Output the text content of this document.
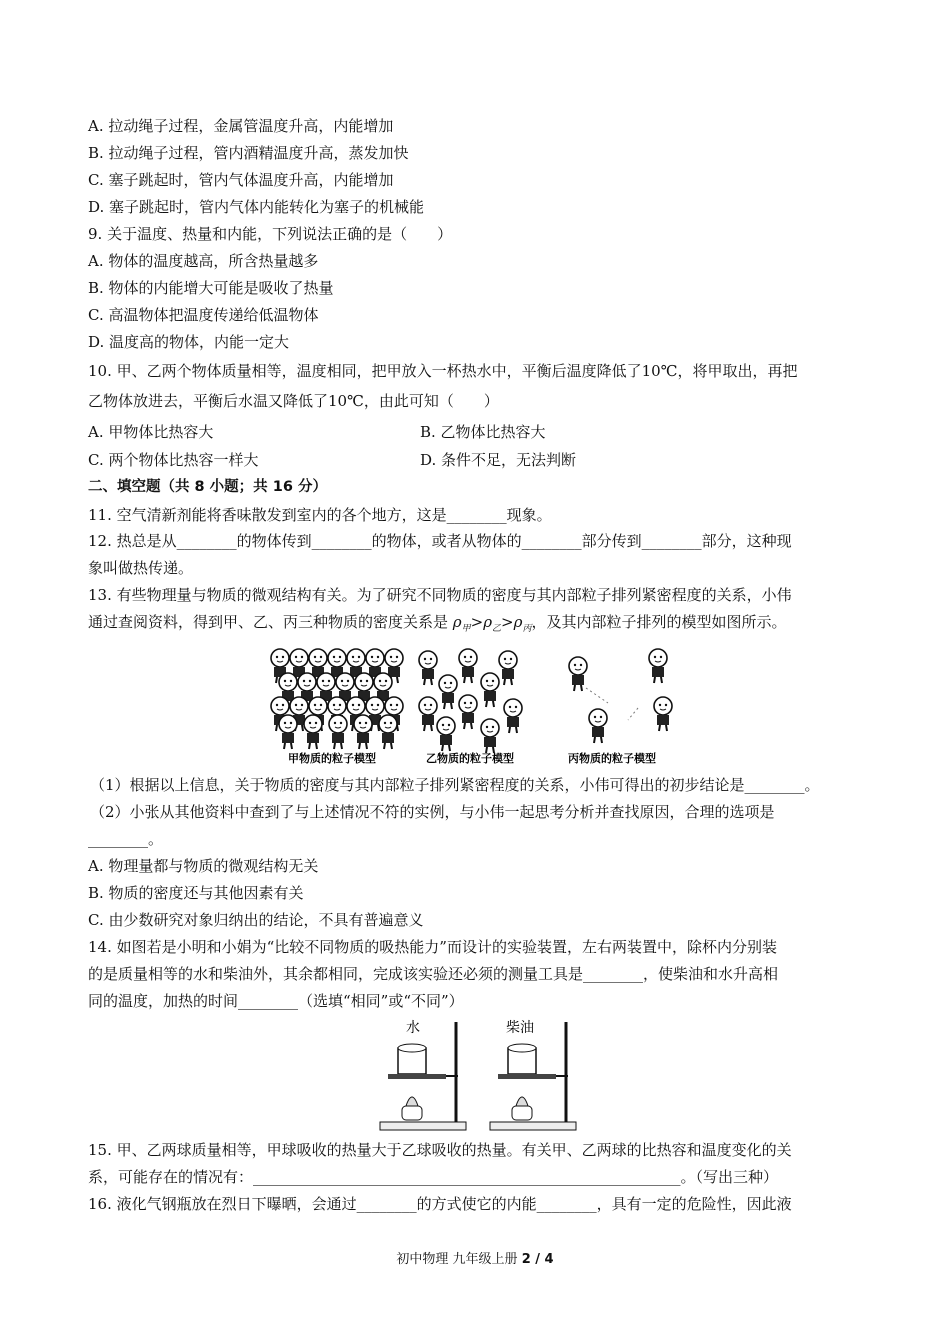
A. 拉动绳子过程，金属管温度升高，内能增加
B. 拉动绳子过程，管内酒精温度升高，蒸发加快
C. 塞子跳起时，管内气体温度升高，内能增加
D. 塞子跳起时，管内气体内能转化为塞子的机械能
9. 关于温度、热量和内能，下列说法正确的是（　　）
A. 物体的温度越高，所含热量越多
B. 物体的内能增大可能是吸收了热量
C. 高温物体把温度传递给低温物体
D. 温度高的物体，内能一定大
10. 甲、乙两个物体质量相等，温度相同，把甲放入一杯热水中，平衡后温度降低了10℃，将甲取出，再把
乙物体放进去，平衡后水温又降低了10℃，由此可知（　　）
A. 甲物体比热容大	B. 乙物体比热容大
C. 两个物体比热容一样大	D. 条件不足，无法判断
二、填空题（共 8 小题；共 16 分）
11. 空气清新剂能将香味散发到室内的各个地方，这是________现象。
12. 热总是从________的物体传到________的物体，或者从物体的________部分传到________部分，这种现
象叫做热传递。
13. 有些物理量与物质的微观结构有关。为了研究不同物质的密度与其内部粒子排列紧密程度的关系，小伟
通过查阅资料，得到甲、乙、丙三种物质的密度关系是 $\rho_甲>\rho_乙>\rho_丙$，及其内部粒子排列的模型如图所示。
（1）根据以上信息，关于物质的密度与其内部粒子排列紧密程度的关系，小伟可得出的初步结论是________。
（2）小张从其他资料中查到了与上述情况不符的实例，与小伟一起思考分析并查找原因，合理的选项是
________。
A. 物理量都与物质的微观结构无关
B. 物质的密度还与其他因素有关
C. 由少数研究对象归纳出的结论，不具有普遍意义
14. 如图若是小明和小娟为“比较不同物质的吸热能力”而设计的实验装置，左右两装置中，除杯内分别装
的是质量相等的水和柴油外，其余都相同，完成该实验还必须的测量工具是________，使柴油和水升高相
同的温度，加热的时间________（选填“相同”或“不同”）
15. 甲、乙两球质量相等，甲球吸收的热量大于乙球吸收的热量。有关甲、乙两球的比热容和温度变化的关
系，可能存在的情况有：_________________________________________________________。（写出三种）
16. 液化气钢瓶放在烈日下曝晒，会通过________的方式使它的内能________，具有一定的危险性，因此液
甲物质的粒子模型	乙物质的粒子模型	丙物质的粒子模型
水	柴油
初中物理 九年级上册 2 / 4
